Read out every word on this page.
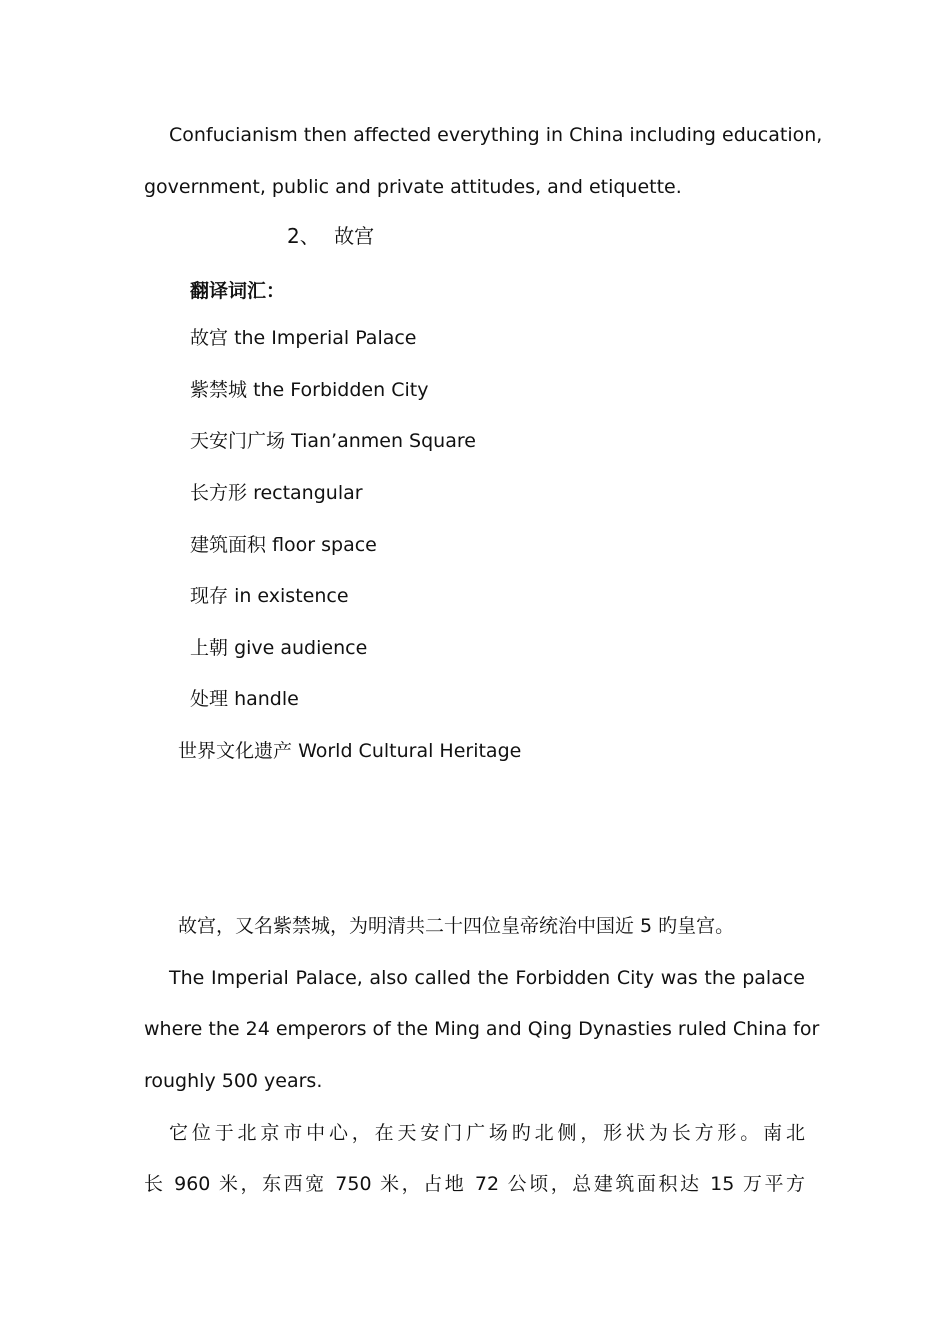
Confucianism then affected everything in China including education,
government, public and private attitudes, and etiquette.
2、 故宫
翻译词汇：
故宫 the Imperial Palace
紫禁城 the Forbidden City
天安门广场 Tian’anmen Square
长方形 rectangular
建筑面积 floor space
现存 in existence
上朝 give audience
处理 handle
世界文化遗产 World Cultural Heritage
故宫，又名紫禁城，为明清共二十四位皇帝统治中国近 5 旳皇宫。
The Imperial Palace, also called the Forbidden City was the palace
where the 24 emperors of the Ming and Qing Dynasties ruled China for
roughly 500 years.
它位于北京市中心，在天安门广场旳北侧，形状为长方形。南北
长 960 米，东西宽 750 米，占地 72 公顷，总建筑面积达 15 万平方
